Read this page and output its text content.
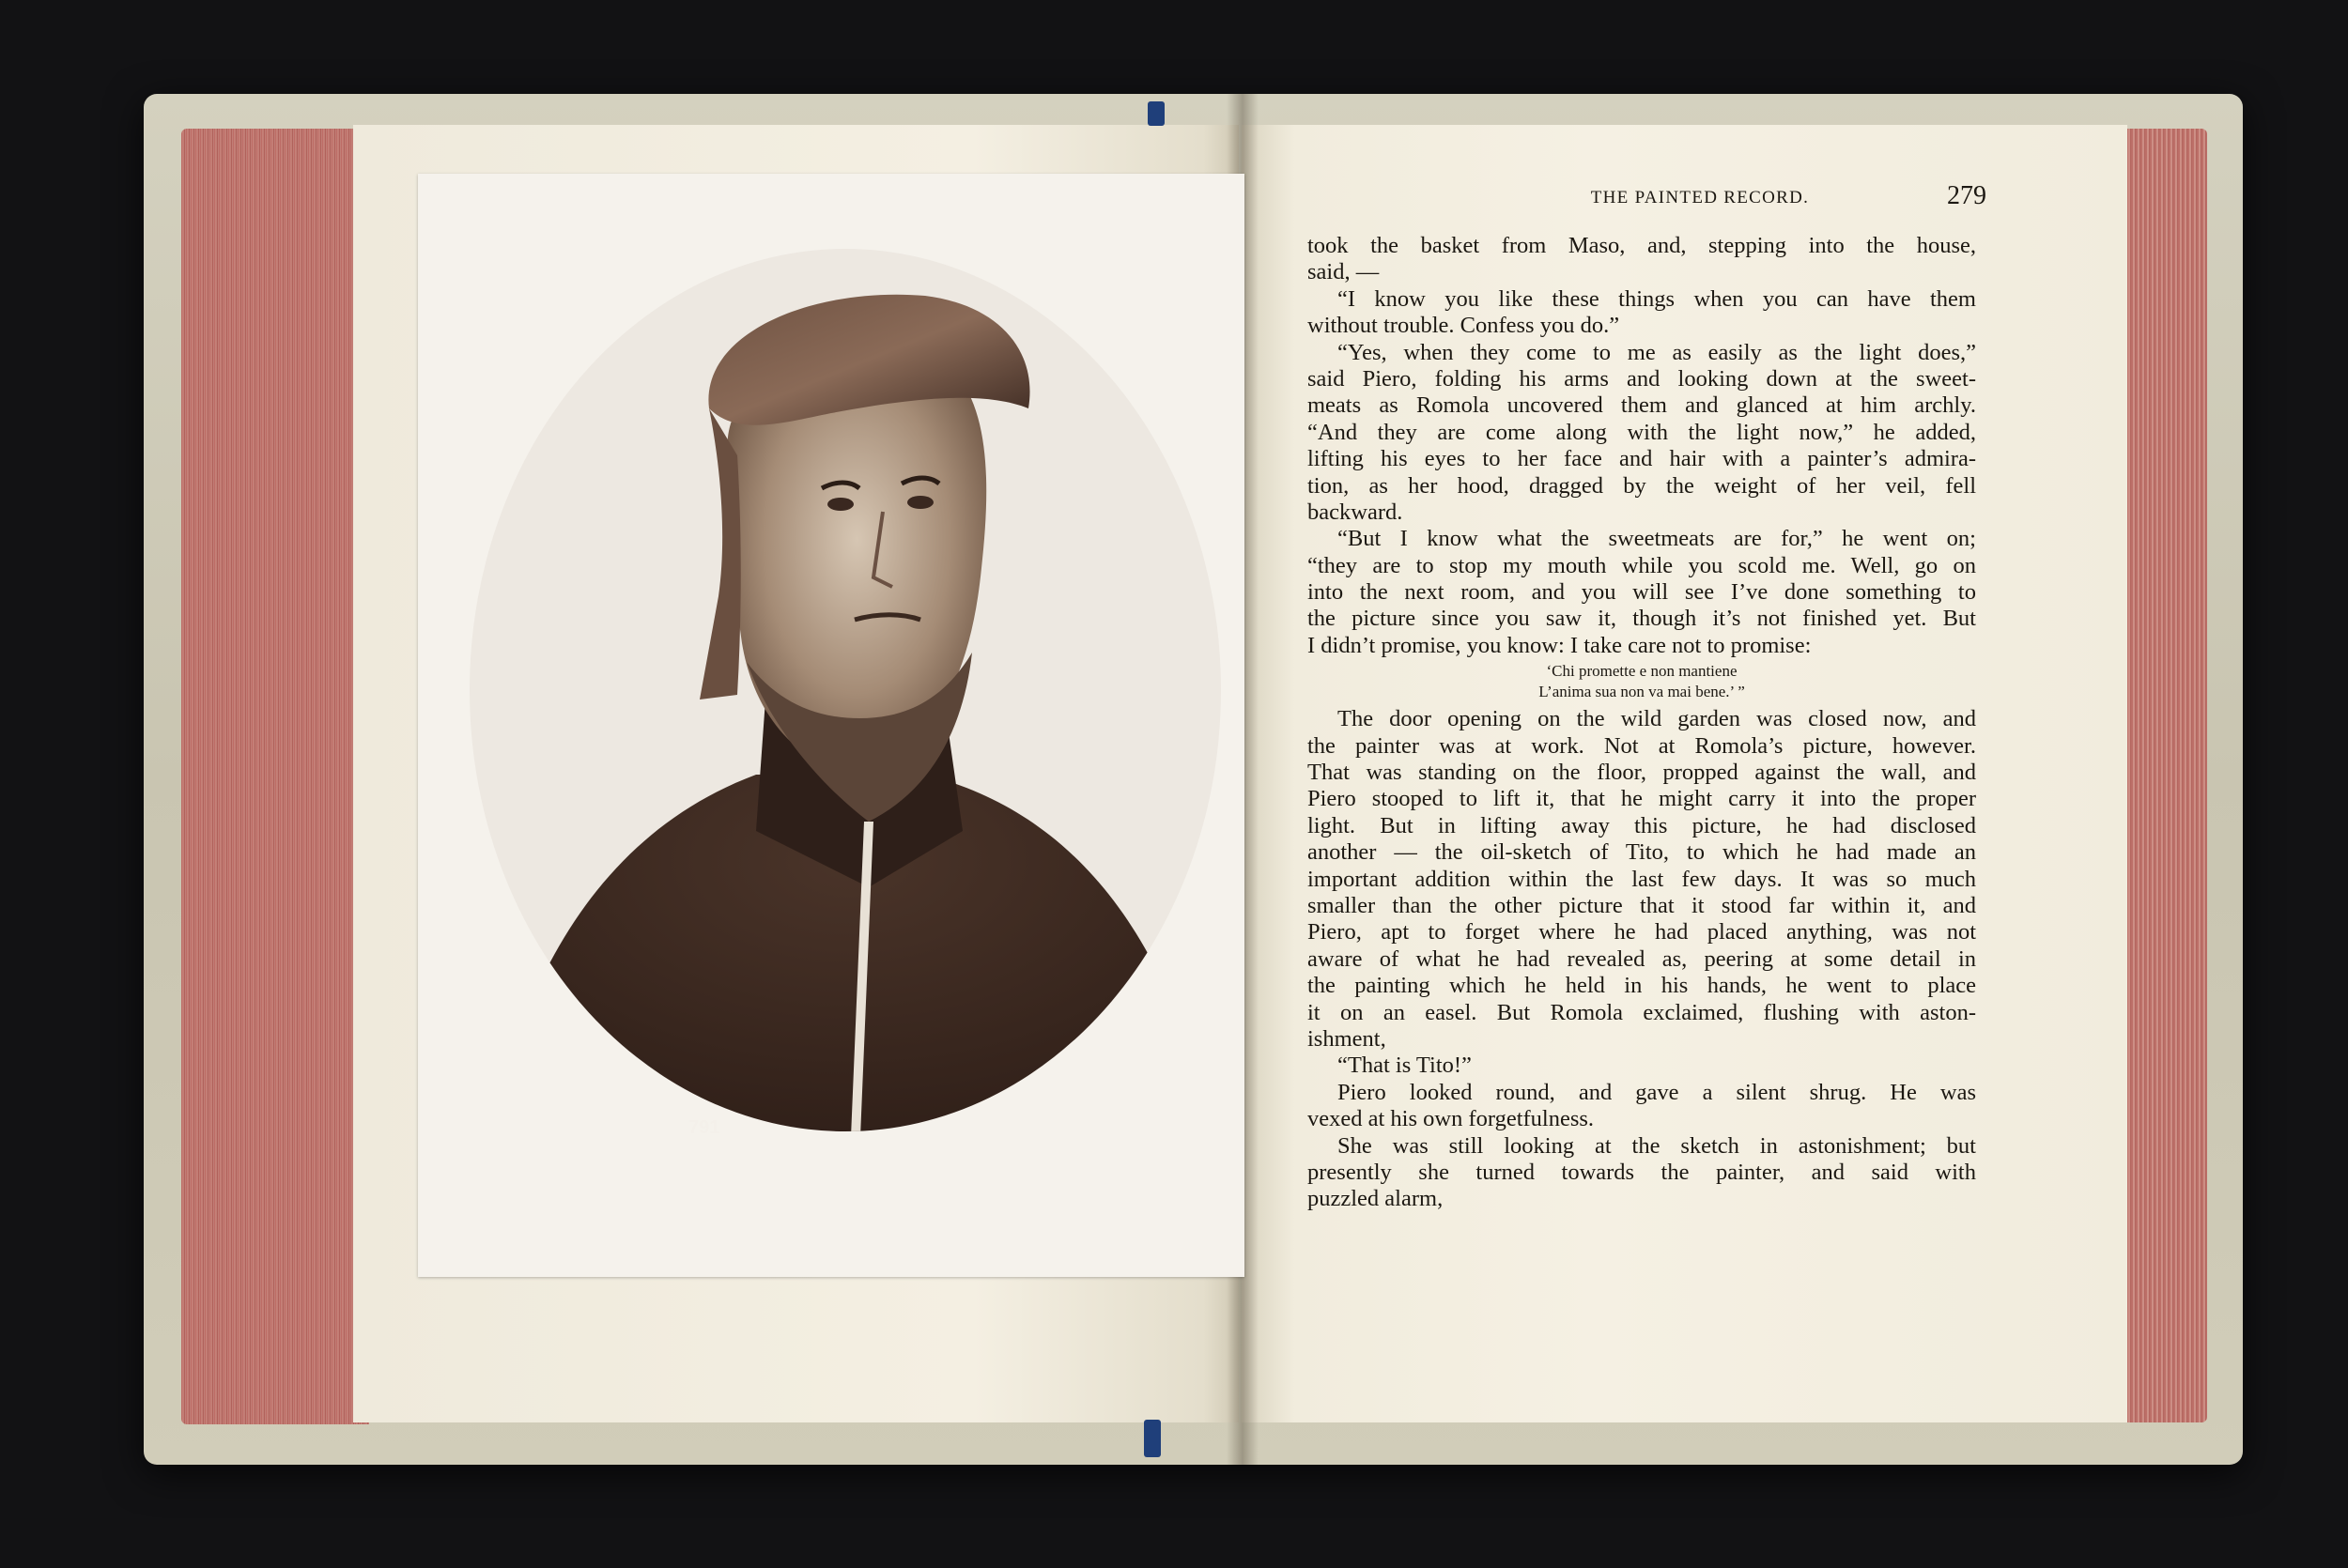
791
THE PAINTED RECORD.	279
took the basket from Maso, and, stepping into the house,
said, —
“I know you like these things when you can have them
without trouble. Confess you do.”
“Yes, when they come to me as easily as the light does,”
said Piero, folding his arms and looking down at the sweet-
meats as Romola uncovered them and glanced at him archly.
“And they are come along with the light now,” he added,
lifting his eyes to her face and hair with a painter’s admira-
tion, as her hood, dragged by the weight of her veil, fell
backward.
“But I know what the sweetmeats are for,” he went on;
“they are to stop my mouth while you scold me. Well, go on
into the next room, and you will see I’ve done something to
the picture since you saw it, though it’s not finished yet. But
I didn’t promise, you know: I take care not to promise:
‘Chi promette e non mantiene
L’anima sua non va mai bene.’ ”
The door opening on the wild garden was closed now, and
the painter was at work. Not at Romola’s picture, however.
That was standing on the floor, propped against the wall, and
Piero stooped to lift it, that he might carry it into the proper
light. But in lifting away this picture, he had disclosed
another — the oil-sketch of Tito, to which he had made an
important addition within the last few days. It was so much
smaller than the other picture that it stood far within it, and
Piero, apt to forget where he had placed anything, was not
aware of what he had revealed as, peering at some detail in
the painting which he held in his hands, he went to place
it on an easel. But Romola exclaimed, flushing with aston-
ishment,
“That is Tito!”
Piero looked round, and gave a silent shrug. He was
vexed at his own forgetfulness.
She was still looking at the sketch in astonishment; but
presently she turned towards the painter, and said with
puzzled alarm,
